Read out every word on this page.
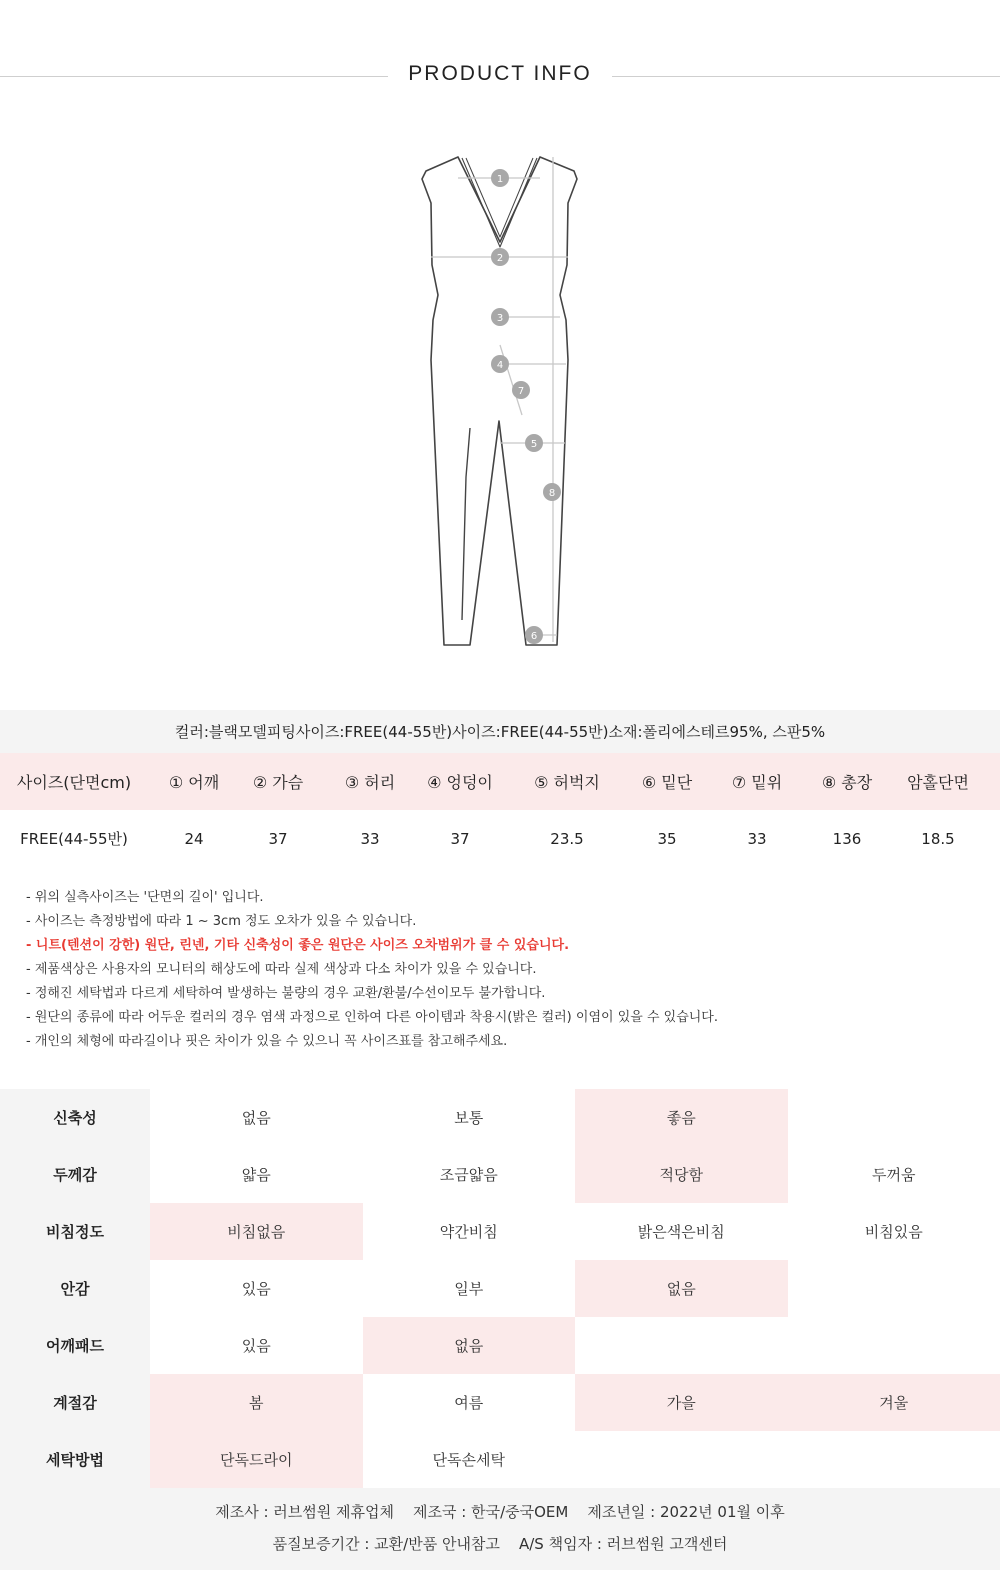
PRODUCT INFO
1
2
3
4
7
5
8
6
컬러 : 블랙 모델피팅사이즈 : FREE(44-55반) 사이즈 : FREE(44-55반) 소재 : 폴리에스테르95%, 스판5%
사이즈(단면cm)	① 어깨	② 가슴	③ 허리	④ 엉덩이	⑤ 허벅지	⑥ 밑단	⑦ 밑위	⑧ 총장	암홀단면
FREE(44-55반)	24	37	33	37	23.5	35	33	136	18.5
- 위의 실측사이즈는 '단면의 길이' 입니다.
- 사이즈는 측정방법에 따라 1 ~ 3cm 정도 오차가 있을 수 있습니다.
- 니트(텐션이 강한) 원단, 린넨, 기타 신축성이 좋은 원단은 사이즈 오차범위가 클 수 있습니다.
- 제품색상은 사용자의 모니터의 해상도에 따라 실제 색상과 다소 차이가 있을 수 있습니다.
- 정해진 세탁법과 다르게 세탁하여 발생하는 불량의 경우 교환/환불/수선이모두 불가합니다.
- 원단의 종류에 따라 어두운 컬러의 경우 염색 과정으로 인하여 다른 아이템과 착용시(밝은 컬러) 이염이 있을 수 있습니다.
- 개인의 체형에 따라길이나 핏은 차이가 있을 수 있으니 꼭 사이즈표를 참고해주세요.
신축성	없음	보통	좋음
두께감	얇음	조금얇음	적당함	두꺼움
비침정도	비침없음	약간비침	밝은색은비침	비침있음
안감	있음	일부	없음
어깨패드	있음	없음
계절감	봄	여름	가을	겨울
세탁방법	단독드라이	단독손세탁
제조사 : 러브썸원 제휴업체    제조국 : 한국/중국OEM    제조년일 : 2022년 01월 이후
품질보증기간 : 교환/반품 안내참고    A/S 책임자 : 러브썸원 고객센터
